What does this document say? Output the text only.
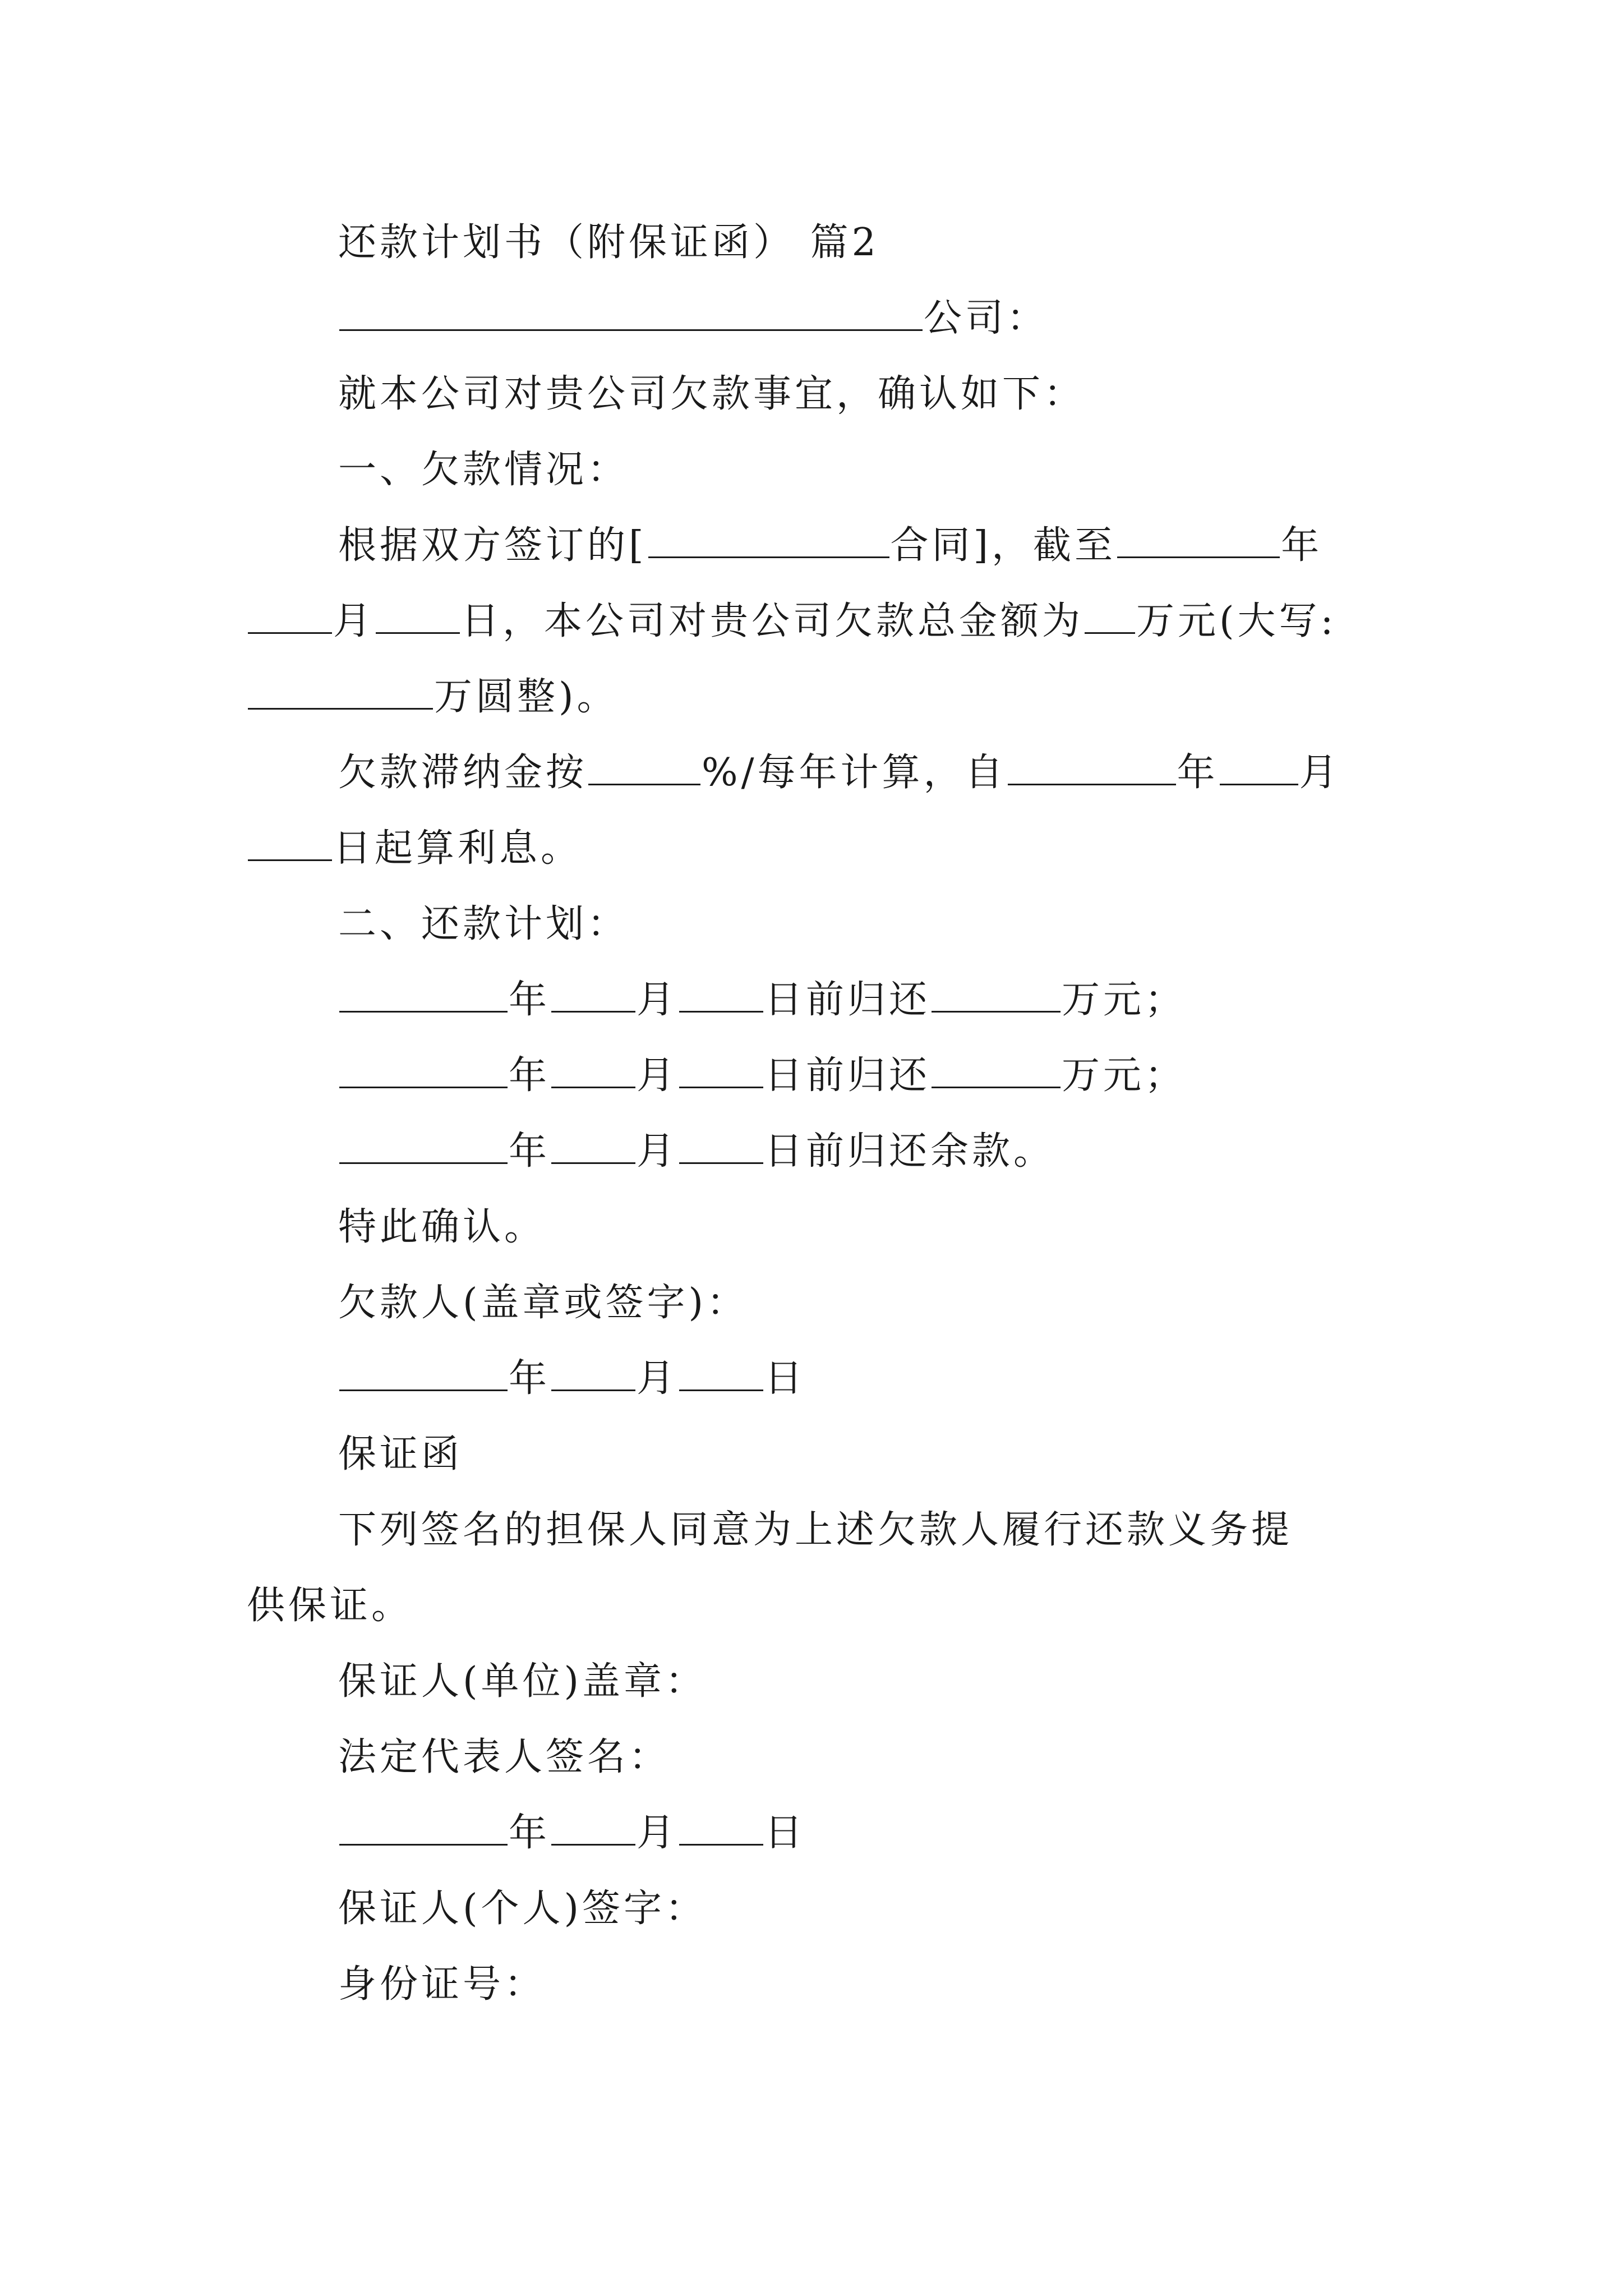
还款计划书（附保证函） 篇2
公司：
就本公司对贵公司欠款事宜，确认如下：
一、欠款情况：
根据双方签订的[	合同]，截至	年
月 日，本公司对贵公司欠款总金额为 万元(大写:
万圆整)。
欠款滞纳金按	%/每年计算，自	年 月
日起算利息。
二、还款计划：
年 月 日前归还	万元；
年 月 日前归还	万元；
年 月 日前归还余款。
特此确认。
欠款人(盖章或签字)：
年 月 日
保证函
下列签名的担保人同意为上述欠款人履行还款义务提
供保证。
保证人(单位)盖章：
法定代表人签名：
年 月 日
保证人(个人)签字：
身份证号：
